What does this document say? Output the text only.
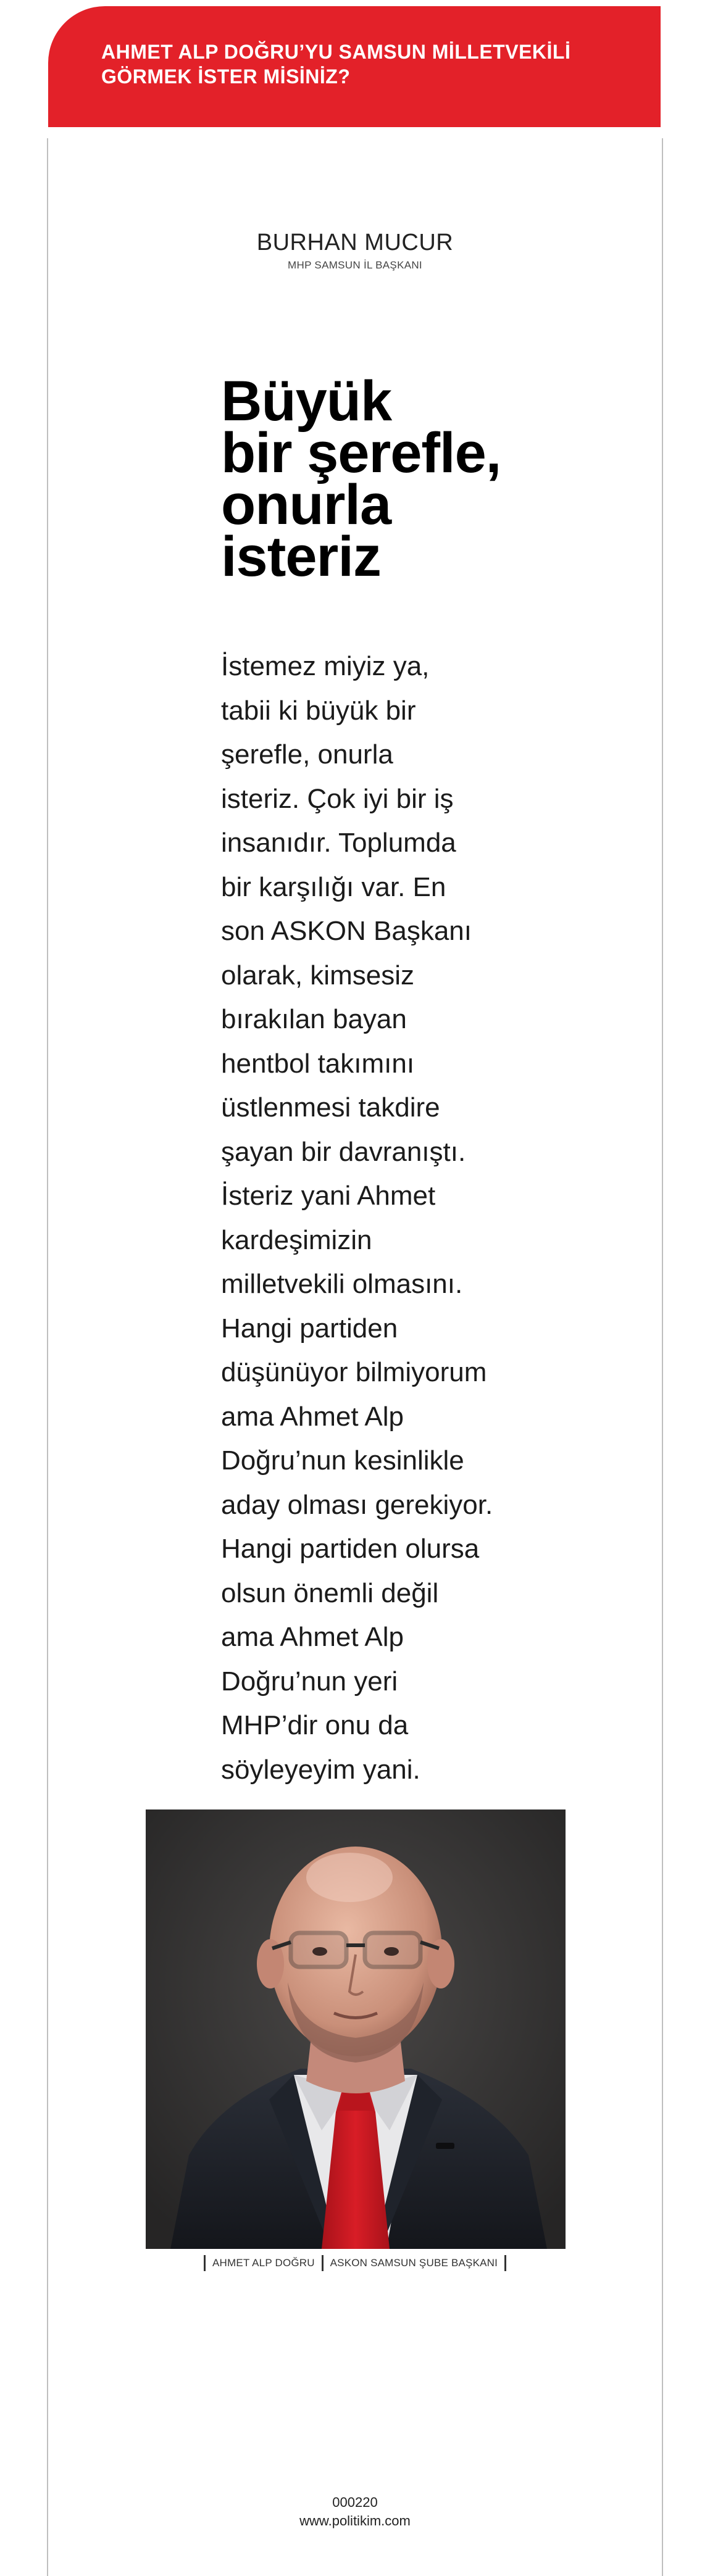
AHMET ALP DOĞRU’YU SAMSUN MİLLETVEKİLİ
GÖRMEK İSTER MİSİNİZ?
BURHAN MUCUR
MHP SAMSUN İL BAŞKANI
Büyük
bir şerefle,
onurla
isteriz

İstemez miyiz ya,
tabii ki büyük bir
şerefle, onurla
isteriz. Çok iyi bir iş
insanıdır. Toplumda
bir karşılığı var. En
son ASKON Başkanı
olarak, kimsesiz
bırakılan bayan
hentbol takımını
üstlenmesi takdire
şayan bir davranıştı.
İsteriz yani Ahmet
kardeşimizin
milletvekili olmasını.
Hangi partiden
düşünüyor bilmiyorum
ama Ahmet Alp
Doğru’nun kesinlikle
aday olması gerekiyor.
Hangi partiden olursa
olsun önemli değil
ama Ahmet Alp
Doğru’nun yeri
MHP’dir onu da
söyleyeyim yani.

AHMET ALP DOĞRU ASKON SAMSUN ŞUBE BAŞKANI
000220
www.politikim.com
